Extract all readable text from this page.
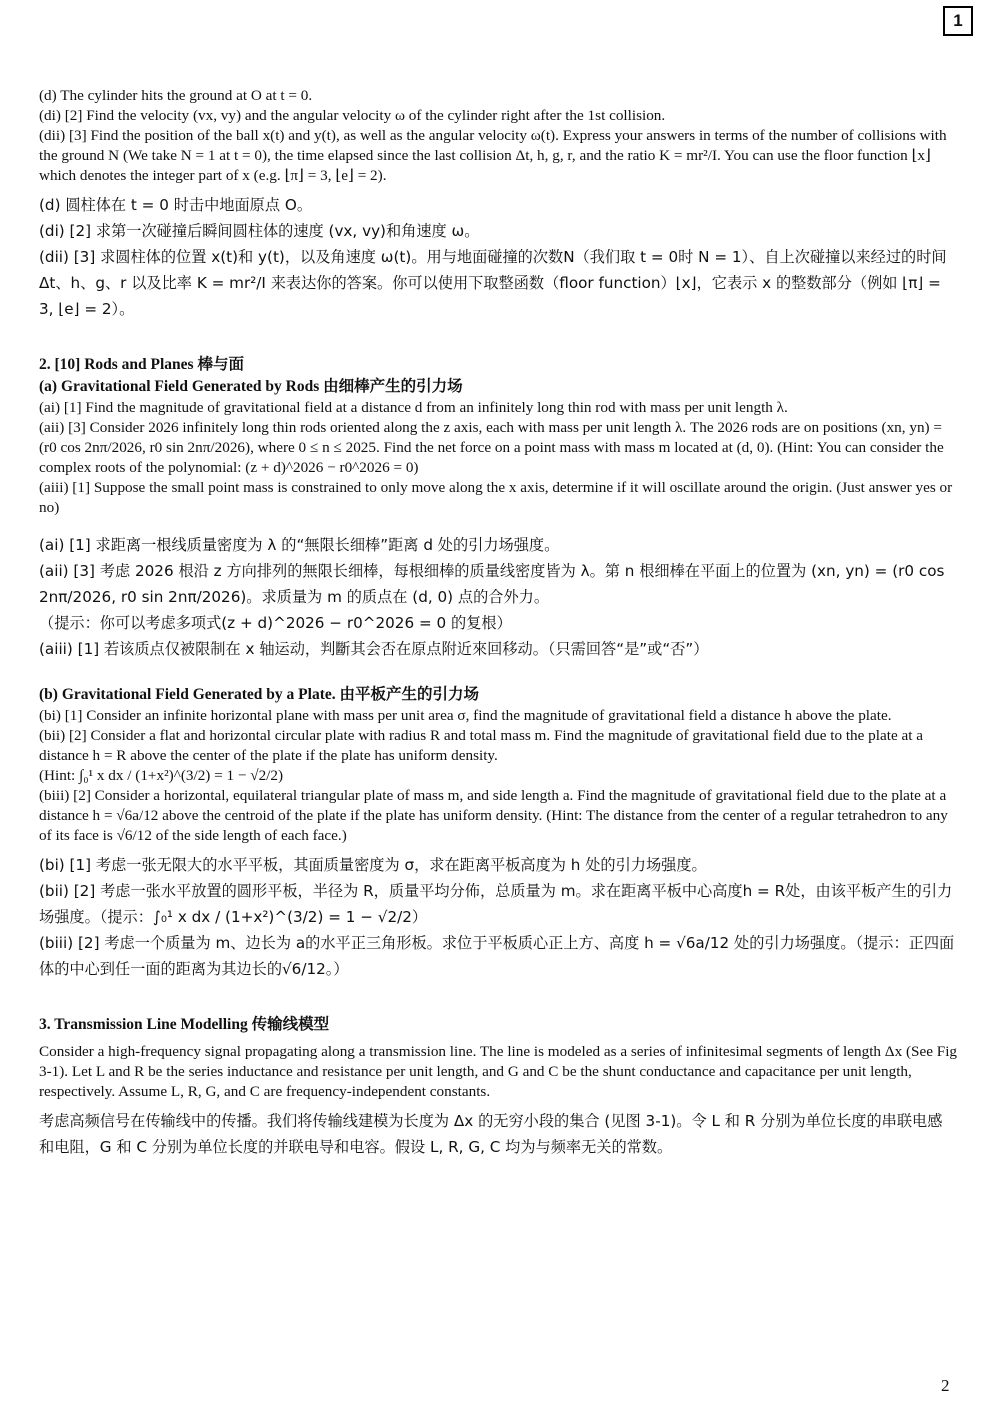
1

(d) The cylinder hits the ground at O at t = 0.

(di) [2] Find the velocity (vx, vy) and the angular velocity ω of the cylinder right after the 1st collision.

(dii) [3] Find the position of the ball x(t) and y(t), as well as the angular velocity ω(t). Express your answers in terms of the number of collisions with the ground N (We take N = 1 at t = 0), the time elapsed since the last collision Δt, h, g, r, and the ratio K = mr²/I. You can use the floor function ⌊x⌋ which denotes the integer part of x (e.g. ⌊π⌋ = 3, ⌊e⌋ = 2).

(d) 圆柱体在 t = 0 时击中地面原点 O。

(di) [2] 求第一次碰撞后瞬间圆柱体的速度 (vx, vy)和角速度 ω。

(dii) [3] 求圆柱体的位置 x(t)和 y(t)，以及角速度 ω(t)。用与地面碰撞的次数N（我们取 t = 0时 N = 1）、自上次碰撞以来经过的时间 Δt、h、g、r 以及比率 K = mr²/I 来表达你的答案。你可以使用下取整函数（floor function）⌊x⌋，它表示 x 的整数部分（例如 ⌊π⌋ = 3, ⌊e⌋ = 2）。

2. [10] Rods and Planes 棒与面

(a) Gravitational Field Generated by Rods 由细棒产生的引力场

(ai) [1] Find the magnitude of gravitational field at a distance d from an infinitely long thin rod with mass per unit length λ.

(aii) [3] Consider 2026 infinitely long thin rods oriented along the z axis, each with mass per unit length λ. The 2026 rods are on positions (xn, yn) = (r0 cos 2nπ/2026, r0 sin 2nπ/2026), where 0 ≤ n ≤ 2025. Find the net force on a point mass with mass m located at (d, 0). (Hint: You can consider the complex roots of the polynomial: (z + d)^2026 − r0^2026 = 0)

(aiii) [1] Suppose the small point mass is constrained to only move along the x axis, determine if it will oscillate around the origin. (Just answer yes or no)

(ai) [1] 求距离一根线质量密度为 λ 的“無限长细棒”距离 d 处的引力场强度。

(aii) [3] 考虑 2026 根沿 z 方向排列的無限长细棒，每根细棒的质量线密度皆为 λ。第 n 根细棒在平面上的位置为 (xn, yn) = (r0 cos 2nπ/2026, r0 sin 2nπ/2026)。求质量为 m 的质点在 (d, 0) 点的合外力。

（提示：你可以考虑多项式(z + d)^2026 − r0^2026 = 0 的复根）

(aiii) [1] 若该质点仅被限制在 x 轴运动，判斷其会否在原点附近來回移动。（只需回答“是”或“否”）

(b) Gravitational Field Generated by a Plate. 由平板产生的引力场

(bi) [1] Consider an infinite horizontal plane with mass per unit area σ, find the magnitude of gravitational field a distance h above the plate.

(bii) [2] Consider a flat and horizontal circular plate with radius R and total mass m. Find the magnitude of gravitational field due to the plate at a distance h = R above the center of the plate if the plate has uniform density.

(Hint: ∫₀¹ x dx / (1+x²)^(3/2) = 1 − √2/2)

(biii) [2] Consider a horizontal, equilateral triangular plate of mass m, and side length a. Find the magnitude of gravitational field due to the plate at a distance h = √6a/12 above the centroid of the plate if the plate has uniform density. (Hint: The distance from the center of a regular tetrahedron to any of its face is √6/12 of the side length of each face.)

(bi) [1] 考虑一张无限大的水平平板，其面质量密度为 σ，求在距离平板高度为 h 处的引力场强度。

(bii) [2] 考虑一张水平放置的圆形平板，半径为 R，质量平均分佈，总质量为 m。求在距离平板中心高度h = R处，由该平板产生的引力场强度。（提示：∫₀¹ x dx / (1+x²)^(3/2) = 1 − √2/2）

(biii) [2] 考虑一个质量为 m、边长为 a的水平正三角形板。求位于平板质心正上方、高度 h = √6a/12 处的引力场强度。（提示：正四面体的中心到任一面的距离为其边长的√6/12。）

3. Transmission Line Modelling 传输线模型

Consider a high-frequency signal propagating along a transmission line. The line is modeled as a series of infinitesimal segments of length Δx (See Fig 3-1). Let L and R be the series inductance and resistance per unit length, and G and C be the shunt conductance and capacitance per unit length, respectively. Assume L, R, G, and C are frequency-independent constants.

考虑高频信号在传输线中的传播。我们将传输线建模为长度为 Δx 的无穷小段的集合 (见图 3-1)。令 L 和 R 分别为单位长度的串联电感和电阻，G 和 C 分别为单位长度的并联电导和电容。假设 L, R, G, C 均为与频率无关的常数。

2
